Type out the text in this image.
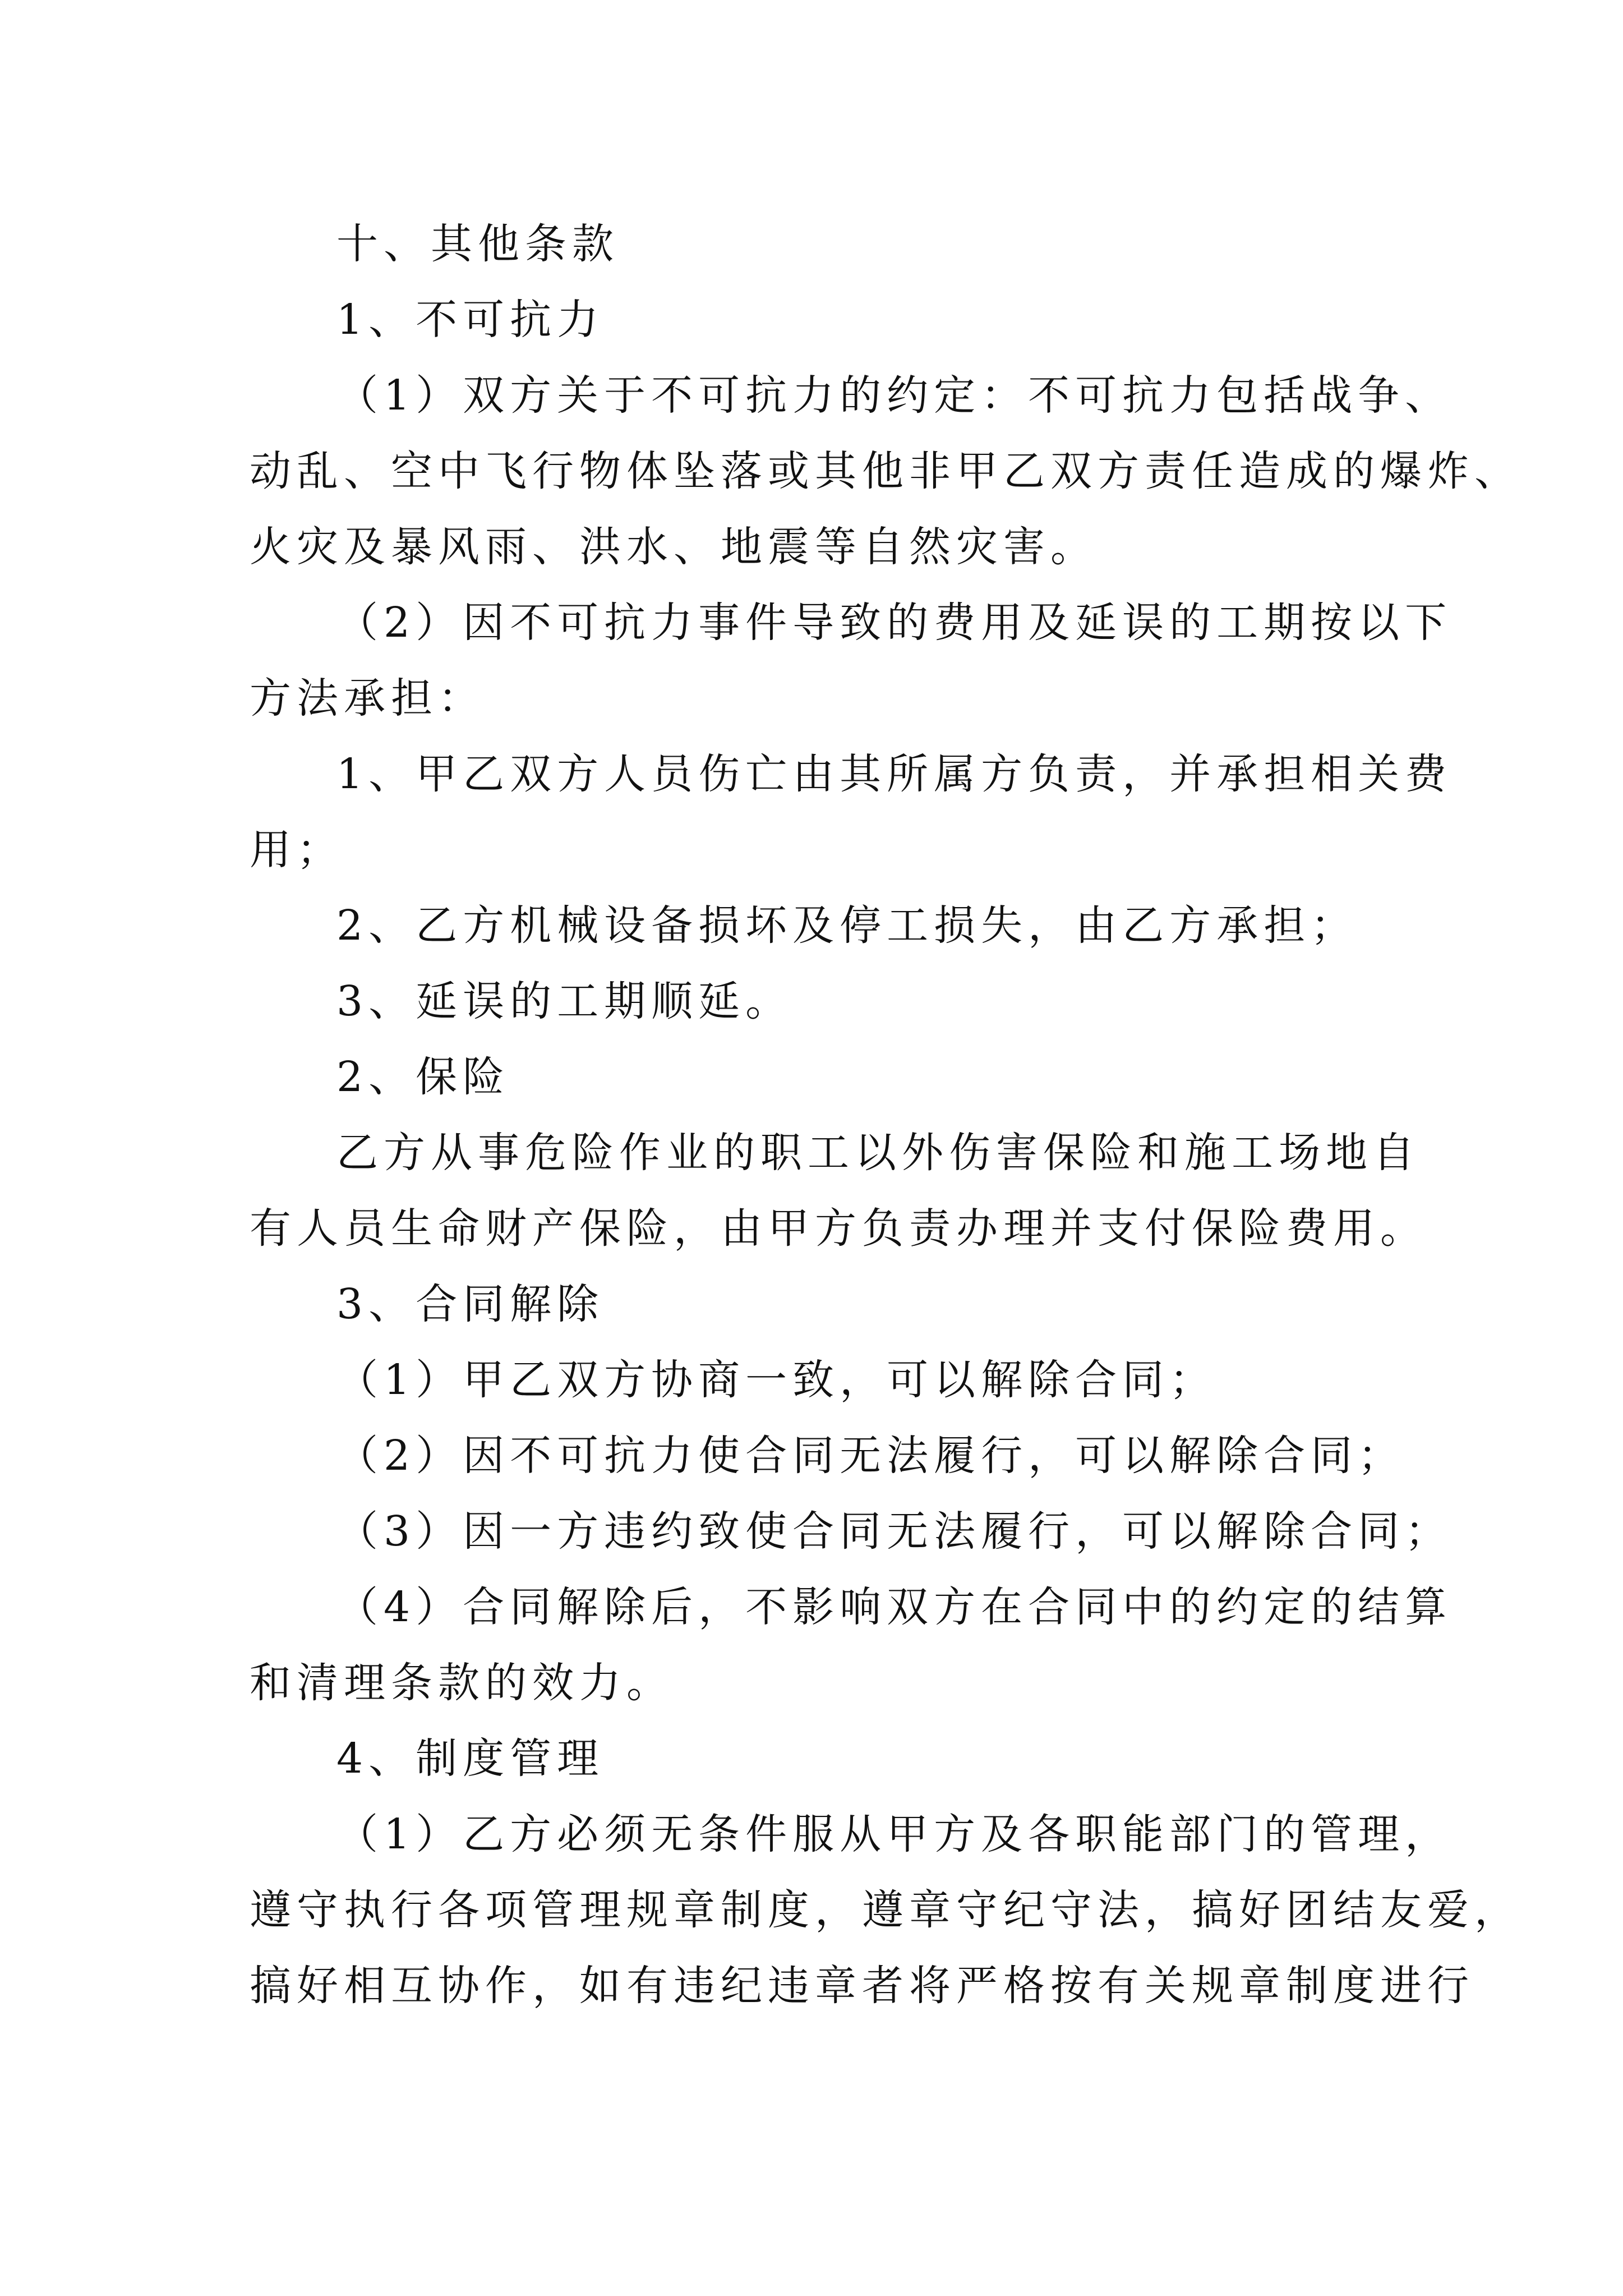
十、其他条款

1、不可抗力

（1）双方关于不可抗力的约定：不可抗力包括战争、

动乱、空中飞行物体坠落或其他非甲乙双方责任造成的爆炸、

火灾及暴风雨、洪水、地震等自然灾害。

（2）因不可抗力事件导致的费用及延误的工期按以下

方法承担：

1、甲乙双方人员伤亡由其所属方负责，并承担相关费

用；

2、乙方机械设备损坏及停工损失，由乙方承担；

3、延误的工期顺延。

2、保险

乙方从事危险作业的职工以外伤害保险和施工场地自

有人员生命财产保险，由甲方负责办理并支付保险费用。

3、合同解除

（1）甲乙双方协商一致，可以解除合同；

（2）因不可抗力使合同无法履行，可以解除合同；

（3）因一方违约致使合同无法履行，可以解除合同；

（4）合同解除后，不影响双方在合同中的约定的结算

和清理条款的效力。

4、制度管理

（1）乙方必须无条件服从甲方及各职能部门的管理，

遵守执行各项管理规章制度，遵章守纪守法，搞好团结友爱，

搞好相互协作，如有违纪违章者将严格按有关规章制度进行
